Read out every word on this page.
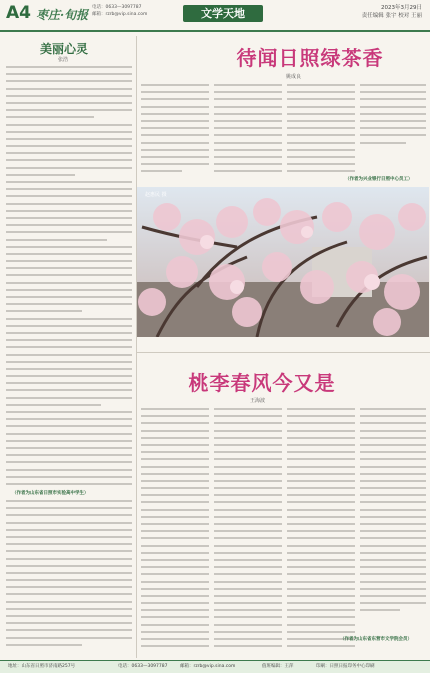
A4 枣庄·旬报
电话：0633—3097787
邮箱：rzrb@vip.sina.com	文学天地	2023年3月29日
责任编辑 张宇 校对 王丽
美丽心灵
张浩
（作者为山东省日照市实验高中学生）
待闻日照绿茶香
姚成良
（作者为兴业银行日照中心员工）
赵惠民 摄
桃李春风今又是
王海波
（作者为山东省东营市文学院会员）
地址：山东省日照市济南路257号	电话：0633—3097787	邮箱：rzrb@vip.sina.com	值班编辑：王萍	印刷：日照日报印务中心印刷
